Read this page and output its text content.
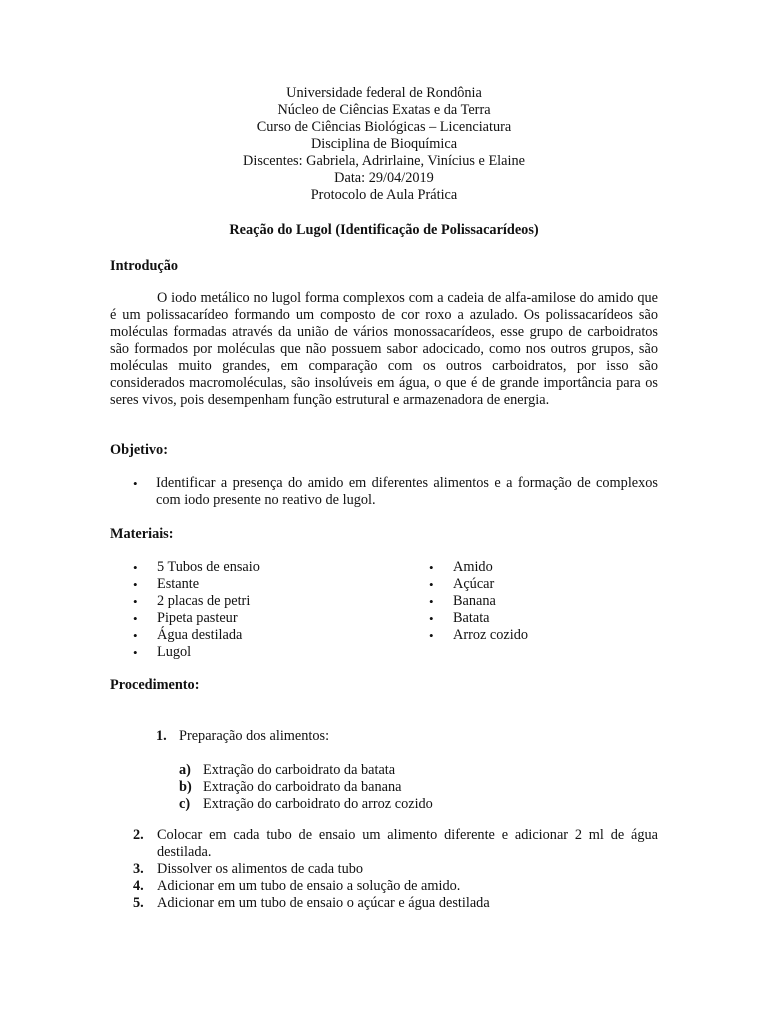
Universidade federal de Rondônia
Núcleo de Ciências Exatas e da Terra
Curso de Ciências Biológicas – Licenciatura
Disciplina de Bioquímica
Discentes: Gabriela, Adrirlaine, Vinícius e Elaine
Data: 29/04/2019
Protocolo de Aula Prática
Reação do Lugol (Identificação de Polissacarídeos)
Introdução
O iodo metálico no lugol forma complexos com a cadeia de alfa-amilose do amido que é um polissacarídeo formando um composto de cor roxo a azulado. Os polissacarídeos são moléculas formadas através da união de vários monossacarídeos, esse grupo de carboidratos são formados por moléculas que não possuem sabor adocicado, como nos outros grupos, são moléculas muito grandes, em comparação com os outros carboidratos, por isso são considerados macromoléculas, são insolúveis em água, o que é de grande importância para os seres vivos, pois desempenham função estrutural e armazenadora de energia.
Objetivo:
• Identificar a presença do amido em diferentes alimentos e a formação de complexos com iodo presente no reativo de lugol.
Materiais:
• 5 Tubos de ensaio
• Estante
• 2 placas de petri
• Pipeta pasteur
• Água destilada
• Lugol
• Amido
• Açúcar
• Banana
• Batata
• Arroz cozido
Procedimento:
1. Preparação dos alimentos:
a) Extração do carboidrato da batata
b) Extração do carboidrato da banana
c) Extração do carboidrato do arroz cozido
2. Colocar em cada tubo de ensaio um alimento diferente e adicionar 2 ml de água destilada.
3. Dissolver os alimentos de cada tubo
4. Adicionar em um tubo de ensaio a solução de amido.
5. Adicionar em um tubo de ensaio o açúcar e água destilada
